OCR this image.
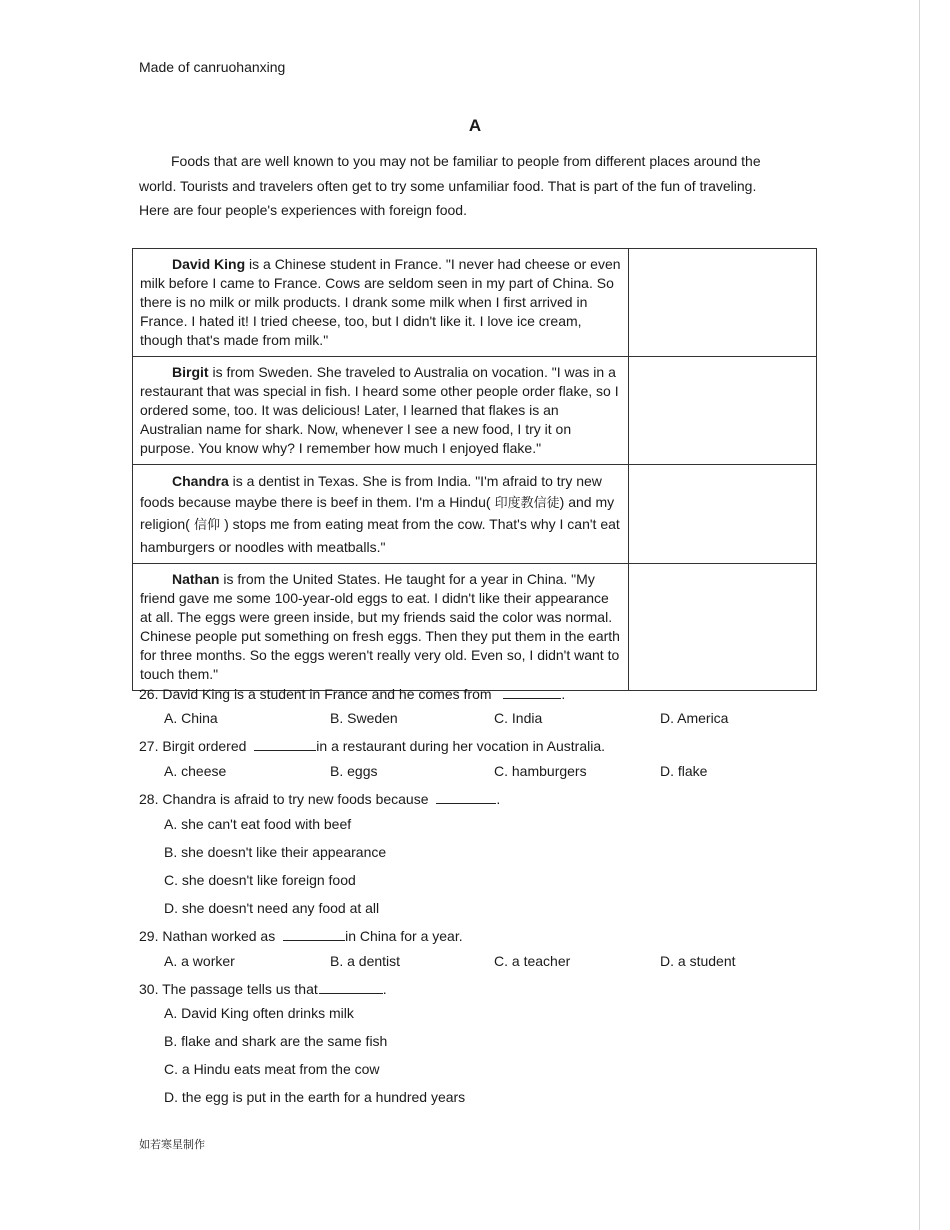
Made of canruohanxing
A

Foods that are well known to you may not be familiar to people from different places around the world. Tourists and travelers often get to try some unfamiliar food. That is part of the fun of traveling. Here are four people's experiences with foreign food.

David King is a Chinese student in France. "I never had cheese or even milk before I came to France. Cows are seldom seen in my part of China. So there is no milk or milk products. I drank some milk when I first arrived in France. I hated it! I tried cheese, too, but I didn't like it. I love ice cream, though that's made from milk."	

Birgit is from Sweden. She traveled to Australia on vocation. "I was in a restaurant that was special in fish. I heard some other people order flake, so I ordered some, too. It was delicious! Later, I learned that flakes is an Australian name for shark. Now, whenever I see a new food, I try it on purpose. You know why? I remember how much I enjoyed flake."	

Chandra is a dentist in Texas. She is from India. "I'm afraid to try new foods because maybe there is beef in them. I'm a Hindu( 印度教信徒) and my religion( 信仰 ) stops me from eating meat from the cow. That's why I can't eat hamburgers or noodles with meatballs."	

Nathan is from the United States. He taught for a year in China. "My friend gave me some 100-year-old eggs to eat. I didn't like their appearance at all. The eggs were green inside, but my friends said the color was normal. Chinese people put something on fresh eggs. Then they put them in the earth for three months. So the eggs weren't really very old. Even so, I didn't want to touch them."	

26. David King is a student in France and he comes from	.
A. China	B. Sweden	C. India	D. America
27. Birgit ordered	in a restaurant during her vocation in Australia.
A. cheese	B. eggs	C. hamburgers	D. flake
28. Chandra is afraid to try new foods because	.
A. she can't eat food with beef
B. she doesn't like their appearance
C. she doesn't like foreign food
D. she doesn't need any food at all
29. Nathan worked as	in China for a year.
A. a worker	B. a dentist	C. a teacher	D. a student
30. The passage tells us that	.
A. David King often drinks milk
B. flake and shark are the same fish
C. a Hindu eats meat from the cow
D. the egg is put in the earth for a hundred years
如若寒星制作
